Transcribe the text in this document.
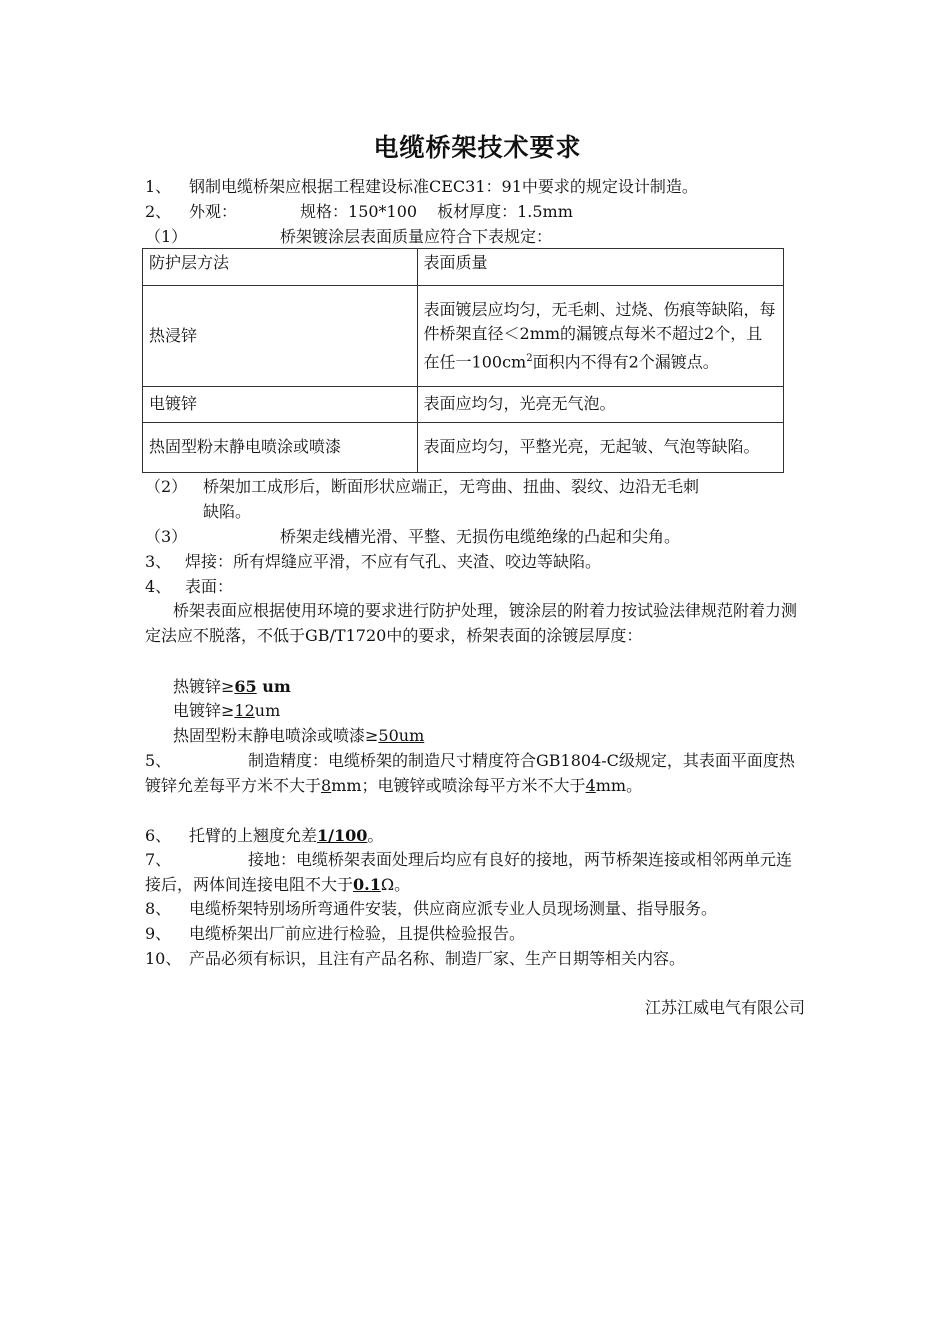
电缆桥架技术要求
1、 钢制电缆桥架应根据工程建设标准CEC31：91中要求的规定设计制造。
2、 外观：	规格：150*100 板材厚度：1.5mm
（1）	桥架镀涂层表面质量应符合下表规定：
防护层方法	表面质量
热浸锌	表面镀层应均匀，无毛刺、过烧、伤痕等缺陷，每件桥架直径＜2mm的漏镀点每米不超过2个，且在任一$100cm^2$面积内不得有2个漏镀点。
电镀锌	表面应均匀，光亮无气泡。
热固型粉末静电喷涂或喷漆	表面应均匀，平整光亮，无起皱、气泡等缺陷。
（2） 桥架加工成形后，断面形状应端正，无弯曲、扭曲、裂纹、边沿无毛刺
缺陷。
（3）	桥架走线槽光滑、平整、无损伤电缆绝缘的凸起和尖角。
3、 焊接：所有焊缝应平滑，不应有气孔、夹渣、咬边等缺陷。
4、 表面：
桥架表面应根据使用环境的要求进行防护处理，镀涂层的附着力按试验法律规范附着力测定法应不脱落，不低于GB/T1720中的要求，桥架表面的涂镀层厚度：
热镀锌≥65 um
电镀锌≥12um
热固型粉末静电喷涂或喷漆≥50um
5、	制造精度：电缆桥架的制造尺寸精度符合GB1804-C级规定，其表面平面度热镀锌允差每平方米不大于8mm；电镀锌或喷涂每平方米不大于4mm。
6、 托臂的上翘度允差1/100。
7、	接地：电缆桥架表面处理后均应有良好的接地，两节桥架连接或相邻两单元连接后，两体间连接电阻不大于0.1Ω。
8、 电缆桥架特别场所弯通件安装，供应商应派专业人员现场测量、指导服务。
9、 电缆桥架出厂前应进行检验，且提供检验报告。
10、 产品必须有标识，且注有产品名称、制造厂家、生产日期等相关内容。
江苏江威电气有限公司
